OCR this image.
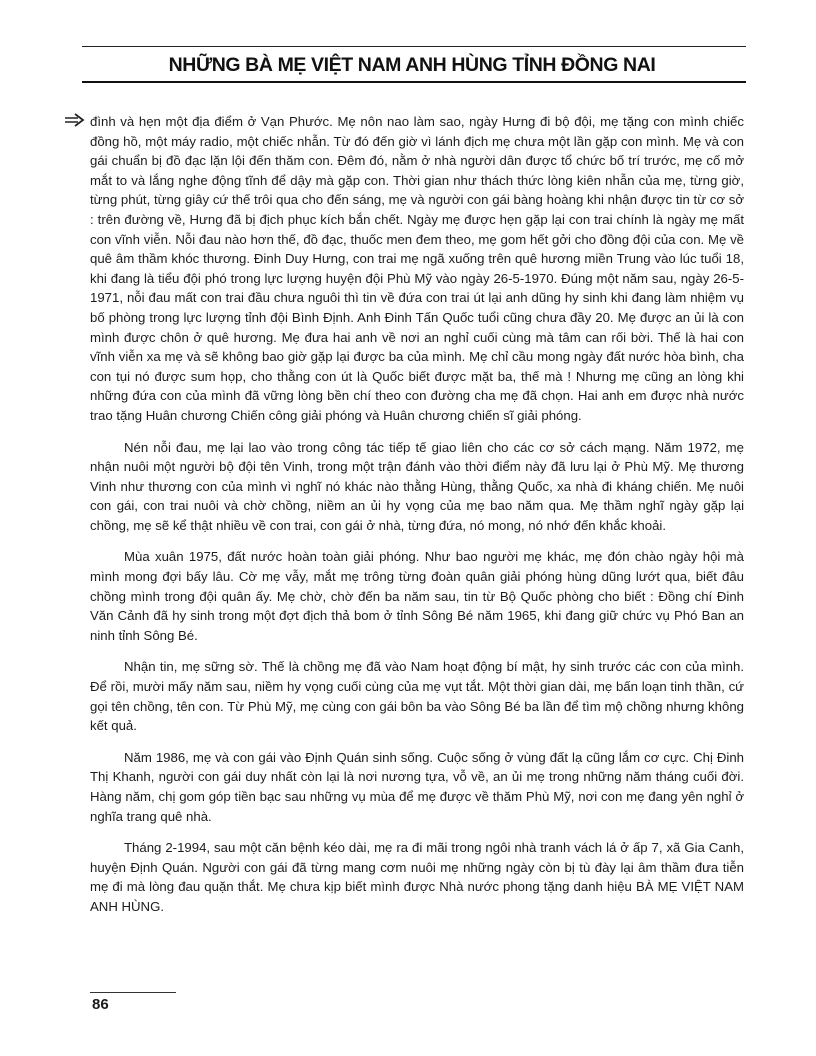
NHỮNG BÀ MẸ VIỆT NAM ANH HÙNG TỈNH ĐỒNG NAI

đình và hẹn một địa điểm ở Vạn Phước. Mẹ nôn nao làm sao, ngày Hưng đi bộ đội, mẹ tặng con mình chiếc đồng hồ, một máy radio, một chiếc nhẫn. Từ đó đến giờ vì lánh địch mẹ chưa một lần gặp con mình. Mẹ và con gái chuẩn bị đồ đạc lặn lội đến thăm con. Đêm đó, nằm ở nhà người dân được tổ chức bố trí trước, mẹ cố mở mắt to và lắng nghe động tĩnh để dậy mà gặp con. Thời gian như thách thức lòng kiên nhẫn của mẹ, từng giờ, từng phút, từng giây cứ thế trôi qua cho đến sáng, mẹ và người con gái bàng hoàng khi nhận được tin từ cơ sở : trên đường về, Hưng đã bị địch phục kích bắn chết. Ngày mẹ được hẹn gặp lại con trai chính là ngày mẹ mất con vĩnh viễn. Nỗi đau nào hơn thế, đồ đạc, thuốc men đem theo, mẹ gom hết gởi cho đồng đội của con. Mẹ về quê âm thầm khóc thương. Đinh Duy Hưng, con trai mẹ ngã xuống trên quê hương miền Trung vào lúc tuổi 18, khi đang là tiểu đội phó trong lực lượng huyện đội Phù Mỹ vào ngày 26-5-1970. Đúng một năm sau, ngày 26-5-1971, nỗi đau mất con trai đầu chưa nguôi thì tin về đứa con trai út lại anh dũng hy sinh khi đang làm nhiệm vụ bố phòng trong lực lượng tỉnh đội Bình Định. Anh Đinh Tấn Quốc tuổi cũng chưa đầy 20. Mẹ được an ủi là con mình được chôn ở quê hương. Mẹ đưa hai anh về nơi an nghỉ cuối cùng mà tâm can rối bời. Thế là hai con vĩnh viễn xa mẹ và sẽ không bao giờ gặp lại được ba của mình. Mẹ chỉ cầu mong ngày đất nước hòa bình, cha con tụi nó được sum họp, cho thằng con út là Quốc biết được mặt ba, thế mà ! Nhưng mẹ cũng an lòng khi những đứa con của mình đã vững lòng bền chí theo con đường cha mẹ đã chọn. Hai anh em được nhà nước trao tặng Huân chương Chiến công giải phóng và Huân chương chiến sĩ giải phóng.

Nén nỗi đau, mẹ lại lao vào trong công tác tiếp tế giao liên cho các cơ sở cách mạng. Năm 1972, mẹ nhận nuôi một người bộ đội tên Vinh, trong một trận đánh vào thời điểm này đã lưu lại ở Phù Mỹ. Mẹ thương Vinh như thương con của mình vì nghĩ nó khác nào thằng Hùng, thằng Quốc, xa nhà đi kháng chiến. Mẹ nuôi con gái, con trai nuôi và chờ chồng, niềm an ủi hy vọng của mẹ bao năm qua. Mẹ thầm nghĩ ngày gặp lại chồng, mẹ sẽ kể thật nhiều về con trai, con gái ở nhà, từng đứa, nó mong, nó nhớ đến khắc khoải.

Mùa xuân 1975, đất nước hoàn toàn giải phóng. Như bao người mẹ khác, mẹ đón chào ngày hội mà mình mong đợi bấy lâu. Cờ mẹ vẫy, mắt mẹ trông từng đoàn quân giải phóng hùng dũng lướt qua, biết đâu chồng mình trong đội quân ấy. Mẹ chờ, chờ đến ba năm sau, tin từ Bộ Quốc phòng cho biết : Đồng chí Đinh Văn Cảnh đã hy sinh trong một đợt địch thả bom ở tỉnh Sông Bé năm 1965, khi đang giữ chức vụ Phó Ban an ninh tỉnh Sông Bé.

Nhận tin, mẹ sững sờ. Thế là chồng mẹ đã vào Nam hoạt động bí mật, hy sinh trước các con của mình. Để rồi, mười mấy năm sau, niềm hy vọng cuối cùng của mẹ vụt tắt. Một thời gian dài, mẹ bấn loạn tinh thần, cứ gọi tên chồng, tên con. Từ Phù Mỹ, mẹ cùng con gái bôn ba vào Sông Bé ba lần để tìm mộ chồng nhưng không kết quả.

Năm 1986, mẹ và con gái vào Định Quán sinh sống. Cuộc sống ở vùng đất lạ cũng lắm cơ cực. Chị Đinh Thị Khanh, người con gái duy nhất còn lại là nơi nương tựa, vỗ về, an ủi mẹ trong những năm tháng cuối đời. Hàng năm, chị gom góp tiền bạc sau những vụ mùa để mẹ được về thăm Phù Mỹ, nơi con mẹ đang yên nghỉ ở nghĩa trang quê nhà.

Tháng 2-1994, sau một căn bệnh kéo dài, mẹ ra đi mãi trong ngôi nhà tranh vách lá ở ấp 7, xã Gia Canh, huyện Định Quán. Người con gái đã từng mang cơm nuôi mẹ những ngày còn bị tù đày lại âm thầm đưa tiễn mẹ đi mà lòng đau quặn thắt. Mẹ chưa kịp biết mình được Nhà nước phong tặng danh hiệu BÀ MẸ VIỆT NAM ANH HÙNG.

86
